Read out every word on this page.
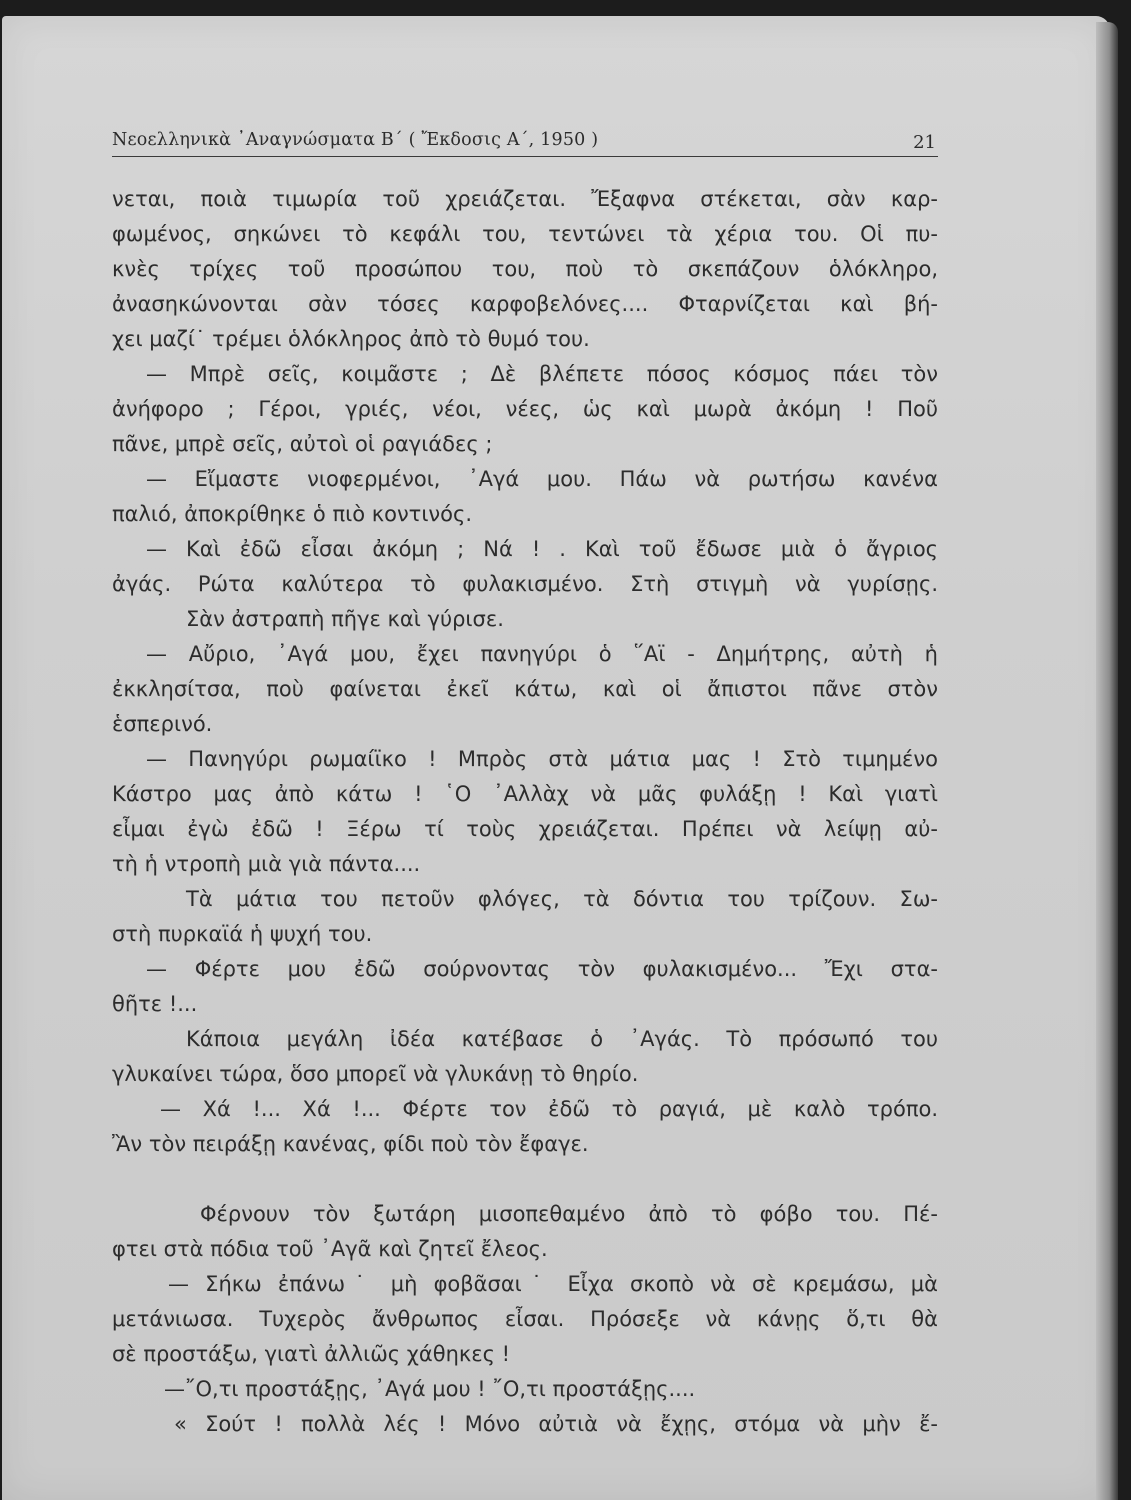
Νεοελληνικὰ ᾿Αναγνώσματα Β΄ ( Ἔκδοσις Α΄, 1950 )	21
νεται, ποιὰ τιμωρία τοῦ χρειάζεται. Ἔξαφνα στέκεται, σὰν καρ-
φωμένος, σηκώνει τὸ κεφάλι του, τεντώνει τὰ χέρια του. Οἱ πυ-
κνὲς τρίχες τοῦ προσώπου του, ποὺ τὸ σκεπάζουν ὁλόκληρο,
ἀνασηκώνονται σὰν τόσες καρφοβελόνες.... Φταρνίζεται καὶ βή-
χει μαζί˙ τρέμει ὁλόκληρος ἀπὸ τὸ θυμό του.
— Μπρὲ σεῖς, κοιμᾶστε ; Δὲ βλέπετε πόσος κόσμος πάει τὸν
ἀνήφορο ; Γέροι, γριές, νέοι, νέες, ὡς καὶ μωρὰ ἀκόμη ! Ποῦ
πᾶνε, μπρὲ σεῖς, αὐτοὶ οἱ ραγιάδες ;
— Εἴμαστε νιοφερμένοι, ᾿Αγά μου. Πάω νὰ ρωτήσω κανένα
παλιό, ἀποκρίθηκε ὁ πιὸ κοντινός.
— Καὶ ἐδῶ εἶσαι ἀκόμη ; Νά ! . Καὶ τοῦ ἔδωσε μιὰ ὁ ἄγριος
ἀγάς. Ρώτα καλύτερα τὸ φυλακισμένο. Στὴ στιγμὴ νὰ γυρίσῃς.
Σὰν ἀστραπὴ πῆγε καὶ γύρισε.
— Αὔριο, ᾿Αγά μου, ἔχει πανηγύρι ὁ ῞Αϊ - Δημήτρης, αὐτὴ ἡ
ἐκκλησίτσα, ποὺ φαίνεται ἐκεῖ κάτω, καὶ οἱ ἄπιστοι πᾶνε στὸν
ἑσπερινό.
— Πανηγύρι ρωμαίϊκο ! Μπρὸς στὰ μάτια μας ! Στὸ τιμημένο
Κάστρο μας ἀπὸ κάτω ! ῾Ο ᾿Αλλὰχ νὰ μᾶς φυλάξῃ ! Καὶ γιατὶ
εἶμαι ἐγὼ ἐδῶ ! Ξέρω τί τοὺς χρειάζεται. Πρέπει νὰ λείψῃ αὐ-
τὴ ἡ ντροπὴ μιὰ γιὰ πάντα....
Τὰ μάτια του πετοῦν φλόγες, τὰ δόντια του τρίζουν. Σω-
στὴ πυρκαϊά ἡ ψυχή του.
— Φέρτε μου ἐδῶ σούρνοντας τὸν φυλακισμένο... Ἔχι στα-
θῆτε !...
Κάποια μεγάλη ἰδέα κατέβασε ὁ ᾿Αγάς. Τὸ πρόσωπό του
γλυκαίνει τώρα, ὅσο μπορεῖ νὰ γλυκάνῃ τὸ θηρίο.
— Χά !... Χά !... Φέρτε τον ἐδῶ τὸ ραγιά, μὲ καλὸ τρόπο.
Ἂν τὸν πειράξῃ κανένας, φίδι ποὺ τὸν ἔφαγε.
Φέρνουν τὸν ξωτάρη μισοπεθαμένο ἀπὸ τὸ φόβο του. Πέ-
φτει στὰ πόδια τοῦ ᾿Αγᾶ καὶ ζητεῖ ἔλεος.
— Σήκω ἐπάνω˙ μὴ φοβᾶσαι˙ Εἶχα σκοπὸ νὰ σὲ κρεμάσω, μὰ
μετάνιωσα. Τυχερὸς ἄνθρωπος εἶσαι. Πρόσεξε νὰ κάνῃς ὅ,τι θὰ
σὲ προστάξω, γιατὶ ἀλλιῶς χάθηκες !
—῎Ο,τι προστάξῃς, ᾿Αγά μου ! ῎Ο,τι προστάξῃς....
« Σούτ ! πολλὰ λές ! Μόνο αὐτιὰ νὰ ἔχῃς, στόμα νὰ μὴν ἔ-
